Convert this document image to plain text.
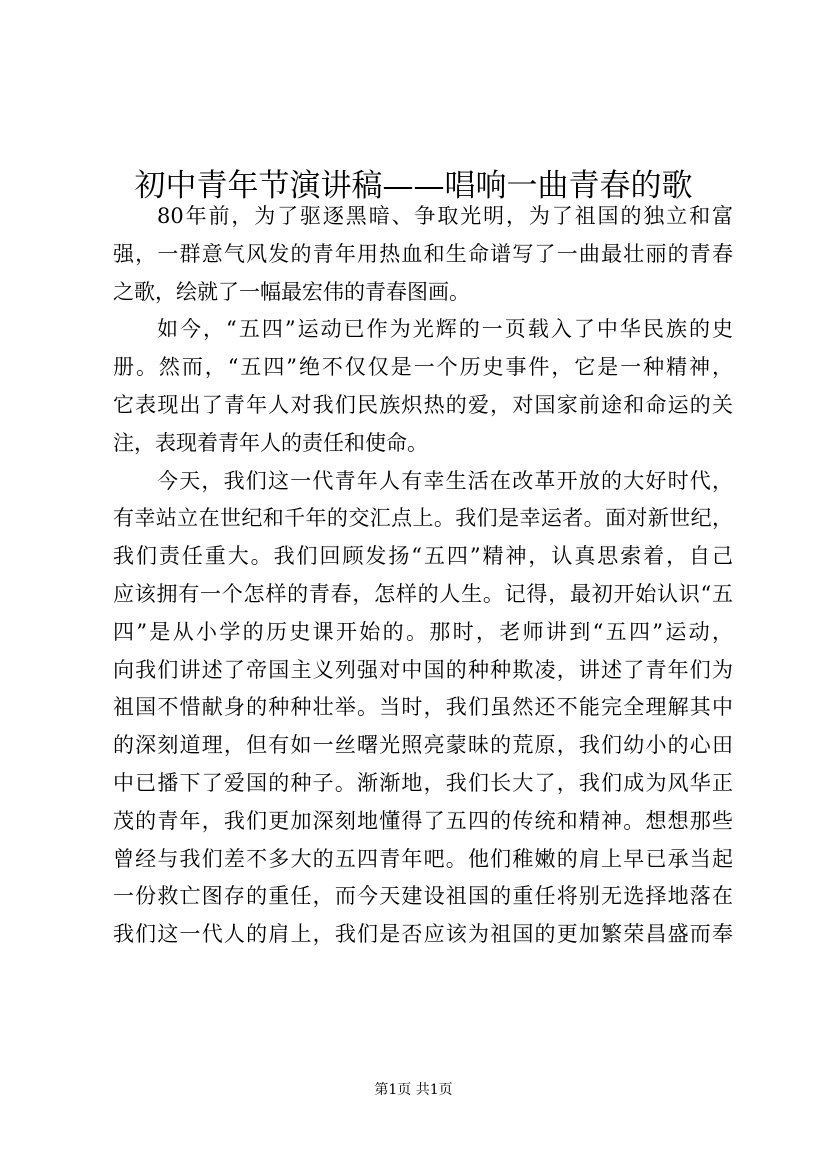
初中青年节演讲稿——唱响一曲青春的歌
80年前，为了驱逐黑暗、争取光明，为了祖国的独立和富
强，一群意气风发的青年用热血和生命谱写了一曲最壮丽的青春
之歌，绘就了一幅最宏伟的青春图画。
如今，“五四”运动已作为光辉的一页载入了中华民族的史
册。然而，“五四”绝不仅仅是一个历史事件，它是一种精神，
它表现出了青年人对我们民族炽热的爱，对国家前途和命运的关
注，表现着青年人的责任和使命。
今天，我们这一代青年人有幸生活在改革开放的大好时代，
有幸站立在世纪和千年的交汇点上。我们是幸运者。面对新世纪，
我们责任重大。我们回顾发扬“五四”精神，认真思索着，自己
应该拥有一个怎样的青春，怎样的人生。记得，最初开始认识“五
四”是从小学的历史课开始的。那时，老师讲到“五四”运动，
向我们讲述了帝国主义列强对中国的种种欺凌，讲述了青年们为
祖国不惜献身的种种壮举。当时，我们虽然还不能完全理解其中
的深刻道理，但有如一丝曙光照亮蒙昧的荒原，我们幼小的心田
中已播下了爱国的种子。渐渐地，我们长大了，我们成为风华正
茂的青年，我们更加深刻地懂得了五四的传统和精神。想想那些
曾经与我们差不多大的五四青年吧。他们稚嫩的肩上早已承当起
一份救亡图存的重任，而今天建设祖国的重任将别无选择地落在
我们这一代人的肩上，我们是否应该为祖国的更加繁荣昌盛而奉
第1页 共1页
